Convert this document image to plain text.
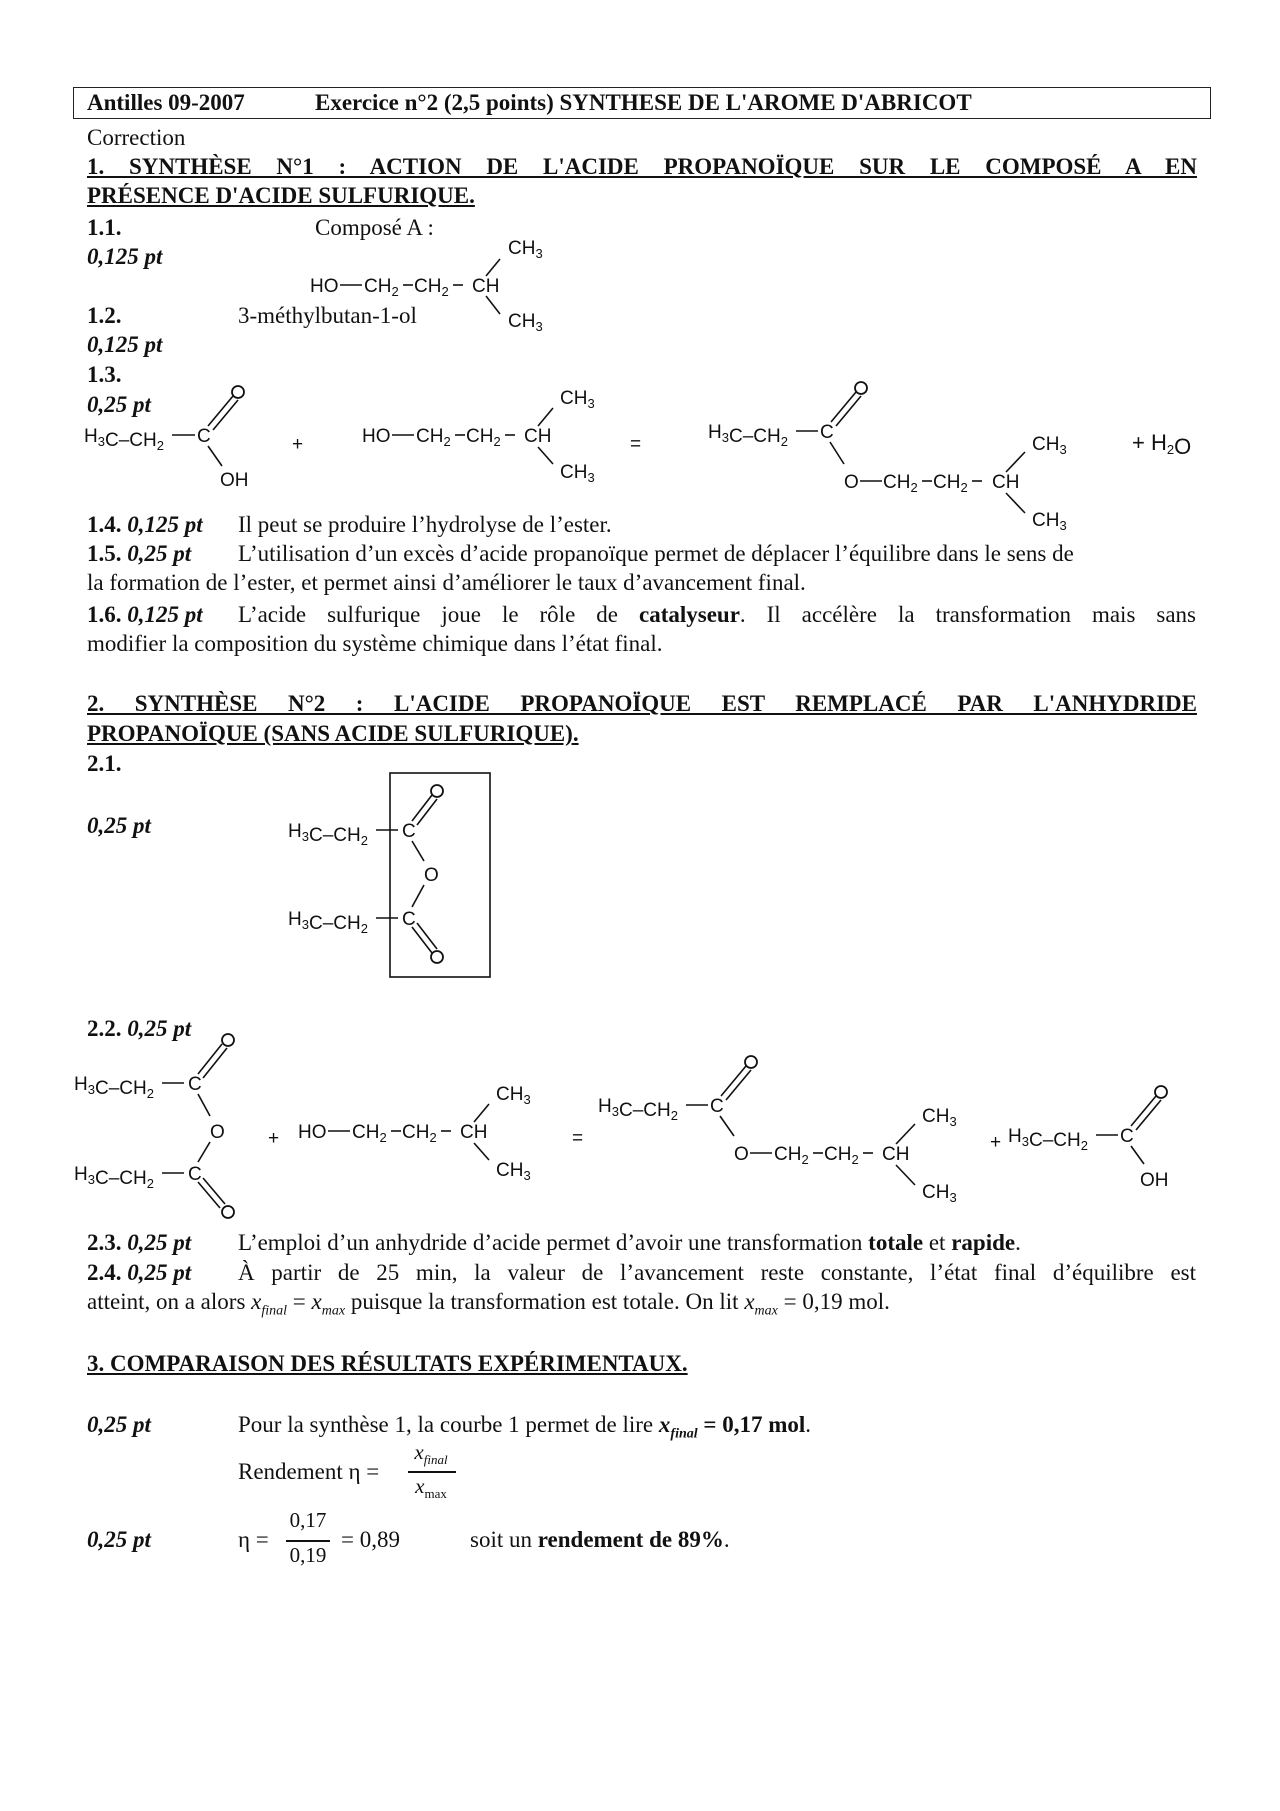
Antilles 09-2007	Exercice n°2 (2,5 points) SYNTHESE DE L'AROME D'ABRICOT
Correction
1. SYNTHÈSE N°1 : ACTION DE L'ACIDE PROPANOÏQUE SUR LE COMPOSÉ A EN
PRÉSENCE D'ACIDE SULFURIQUE.
1.1.	Composé A :
0,125 pt	$CH_3$
HO $CH_2$ $CH_2$ CH
$CH_3$
1.2.	3-méthylbutan-1-ol
0,125 pt
1.3.
0,25 pt
$H_3C-CH_2$ C
OH
+	HO $CH_2$ $CH_2$ CH
$CH_3$
$CH_3$
=
$H_3C-CH_2$ C
O $CH_2$ $CH_2$ CH
$CH_3$
$CH_3$
+ H2O
1.4. 0,125 pt Il peut se produire l’hydrolyse de l’ester.
1.5. 0,25 pt L’utilisation d’un excès d’acide propanoïque permet de déplacer l’équilibre dans le sens de
la formation de l’ester, et permet ainsi d’améliorer le taux d’avancement final.
1.6. 0,125 pt L’acide sulfurique joue le rôle de catalyseur. Il accélère la transformation mais sans
modifier la composition du système chimique dans l’état final.
2. SYNTHÈSE N°2 : L'ACIDE PROPANOÏQUE EST REMPLACÉ PAR L'ANHYDRIDE
PROPANOÏQUE (SANS ACIDE SULFURIQUE).
2.1.
0,25 pt	$H_3C-CH_2$ C
O
$H_3C-CH_2$ C
2.2. 0,25 pt
$H_3C-CH_2$ C
O
$H_3C-CH_2$ C
+ HO $CH_2$ $CH_2$ CH
$CH_3$
$CH_3$
=
$H_3C-CH_2$ C
O $CH_2$ $CH_2$ CH
$CH_3$
$CH_3$
+ $H_3C-CH_2$ C
OH
2.3. 0,25 pt L’emploi d’un anhydride d’acide permet d’avoir une transformation totale et rapide.
2.4. 0,25 pt À partir de 25 min, la valeur de l’avancement reste constante, l’état final d’équilibre est
atteint, on a alors $x_{final} = x_{max}$ puisque la transformation est totale. On lit $x_{max} = 0,19$ mol.
3. COMPARAISON DES RÉSULTATS EXPÉRIMENTAUX.
0,25 pt	Pour la synthèse 1, la courbe 1 permet de lire $x_{final} = 0,17$ mol.
Rendement η =
$x_{final}$
$x_{max}$
0,25 pt	η =
0,17
0,19
= 0,89	soit un rendement de 89%.
